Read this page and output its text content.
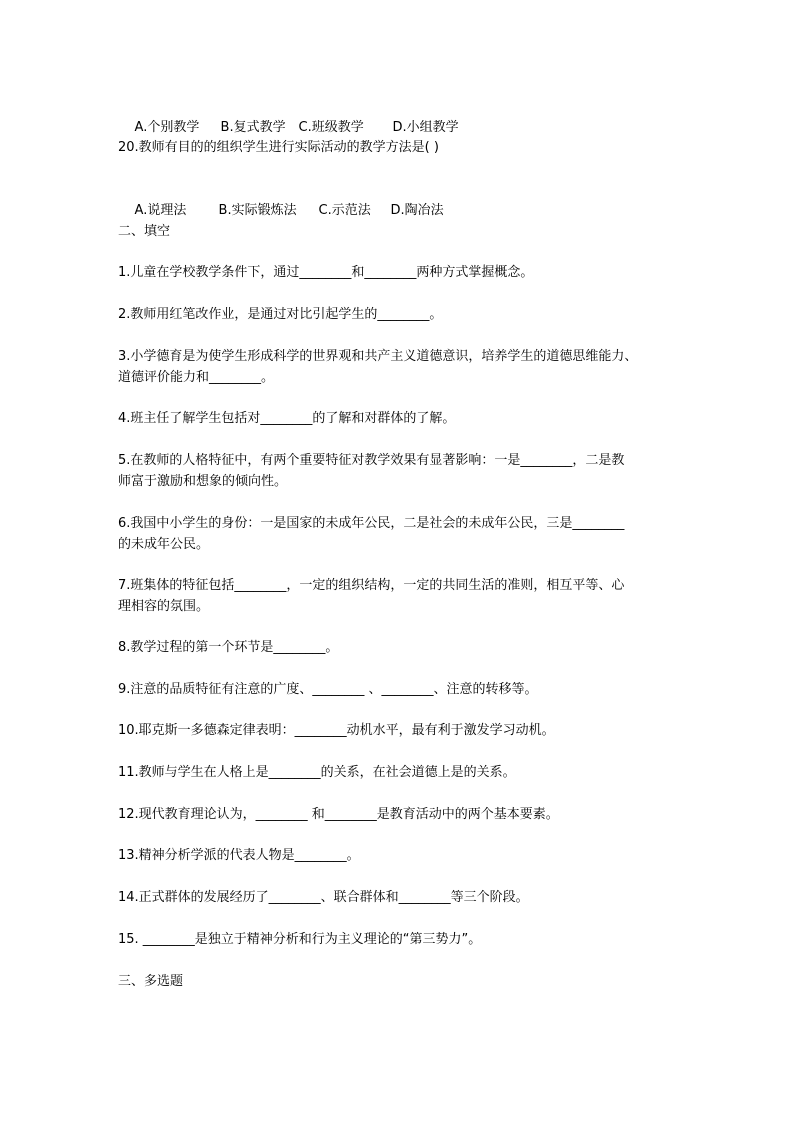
A.个别教学 B.复式教学 C.班级教学 D.小组教学

20.教师有目的的组织学生进行实际活动的教学方法是( )

A.说理法 B.实际锻炼法 C.示范法 D.陶冶法

二、填空
1.儿童在学校教学条件下，通过________和________两种方式掌握概念。
2.教师用红笔改作业，是通过对比引起学生的________。
3.小学德育是为使学生形成科学的世界观和共产主义道德意识，培养学生的道德思维能力、
道德评价能力和________。
4.班主任了解学生包括对________的了解和对群体的了解。
5.在教师的人格特征中，有两个重要特征对教学效果有显著影响：一是________，二是教
师富于激励和想象的倾向性。
6.我国中小学生的身份：一是国家的未成年公民，二是社会的未成年公民，三是________
的未成年公民。
7.班集体的特征包括________，一定的组织结构，一定的共同生活的准则，相互平等、心
理相容的氛围。
8.教学过程的第一个环节是________。
9.注意的品质特征有注意的广度、________ 、________、注意的转移等。
10.耶克斯一多德森定律表明：________动机水平，最有利于激发学习动机。
11.教师与学生在人格上是________的关系，在社会道德上是的关系。
12.现代教育理论认为，________ 和________是教育活动中的两个基本要素。
13.精神分析学派的代表人物是________。
14.正式群体的发展经历了________、联合群体和________等三个阶段。
15. ________是独立于精神分析和行为主义理论的“第三势力”。
三、多选题
